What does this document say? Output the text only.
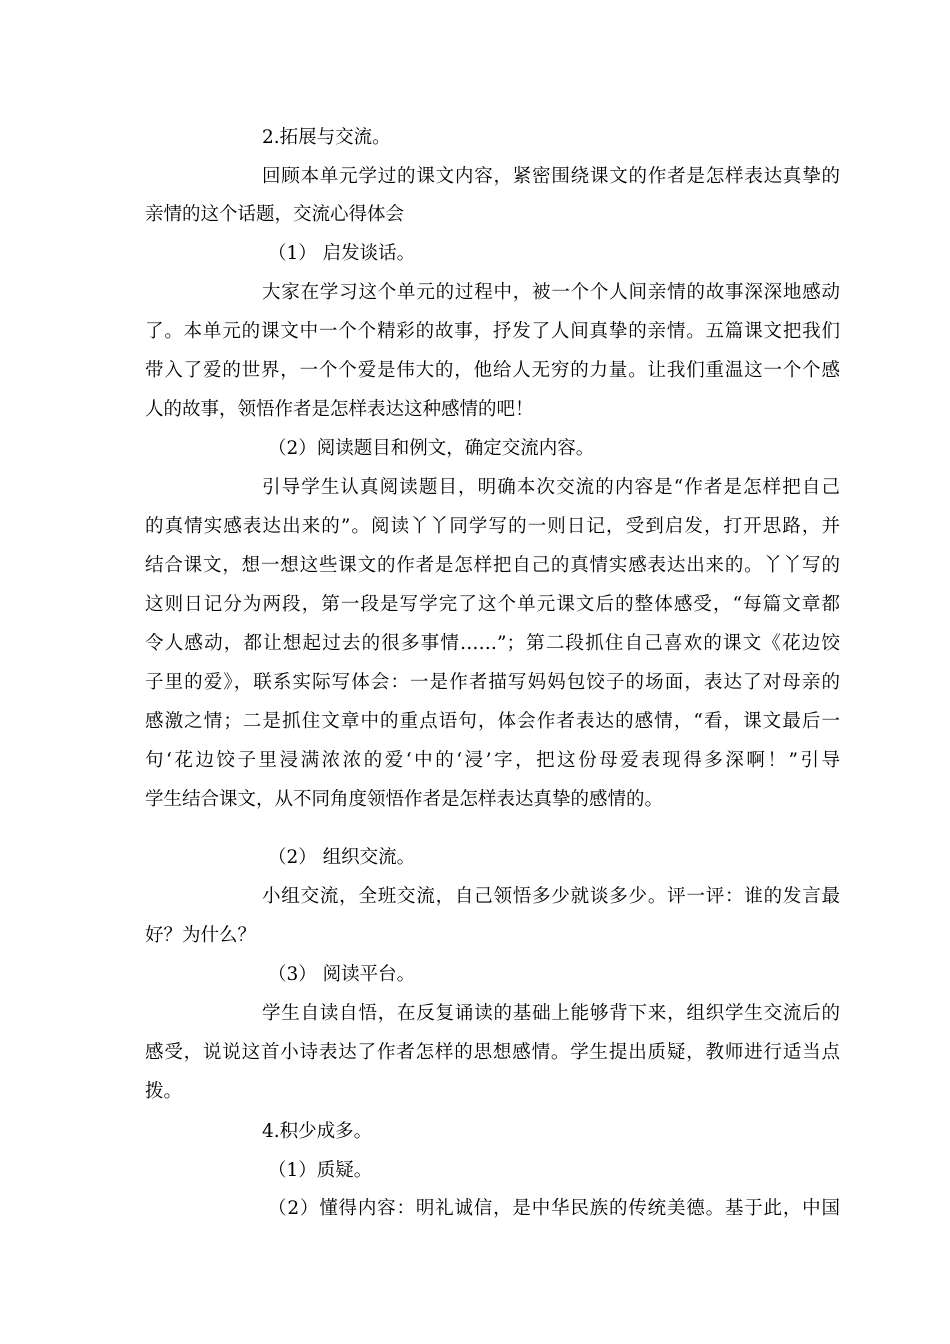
2.拓展与交流。
回顾本单元学过的课文内容，紧密围绕课文的作者是怎样表达真挚的
亲情的这个话题，交流心得体会
（1） 启发谈话。
大家在学习这个单元的过程中，被一个个人间亲情的故事深深地感动
了。本单元的课文中一个个精彩的故事，抒发了人间真挚的亲情。五篇课文把我们
带入了爱的世界，一个个爱是伟大的，他给人无穷的力量。让我们重温这一个个感
人的故事，领悟作者是怎样表达这种感情的吧！
（2）阅读题目和例文，确定交流内容。
引导学生认真阅读题目，明确本次交流的内容是“作者是怎样把自己
的真情实感表达出来的”。阅读丫丫同学写的一则日记，受到启发，打开思路，并
结合课文，想一想这些课文的作者是怎样把自己的真情实感表达出来的。丫丫写的
这则日记分为两段，第一段是写学完了这个单元课文后的整体感受，“每篇文章都
令人感动，都让想起过去的很多事情……”；第二段抓住自己喜欢的课文《花边饺
子里的爱》，联系实际写体会：一是作者描写妈妈包饺子的场面，表达了对母亲的
感激之情；二是抓住文章中的重点语句，体会作者表达的感情，“看，课文最后一
句‘花边饺子里浸满浓浓的爱‘中的‘浸’字，把这份母爱表现得多深啊！”引导
学生结合课文，从不同角度领悟作者是怎样表达真挚的感情的。
（2） 组织交流。
小组交流，全班交流，自己领悟多少就谈多少。评一评：谁的发言最
好？为什么？
（3） 阅读平台。
学生自读自悟，在反复诵读的基础上能够背下来，组织学生交流后的
感受，说说这首小诗表达了作者怎样的思想感情。学生提出质疑，教师进行适当点
拨。
4.积少成多。
（1）质疑。
（2）懂得内容：明礼诚信，是中华民族的传统美德。基于此，中国
